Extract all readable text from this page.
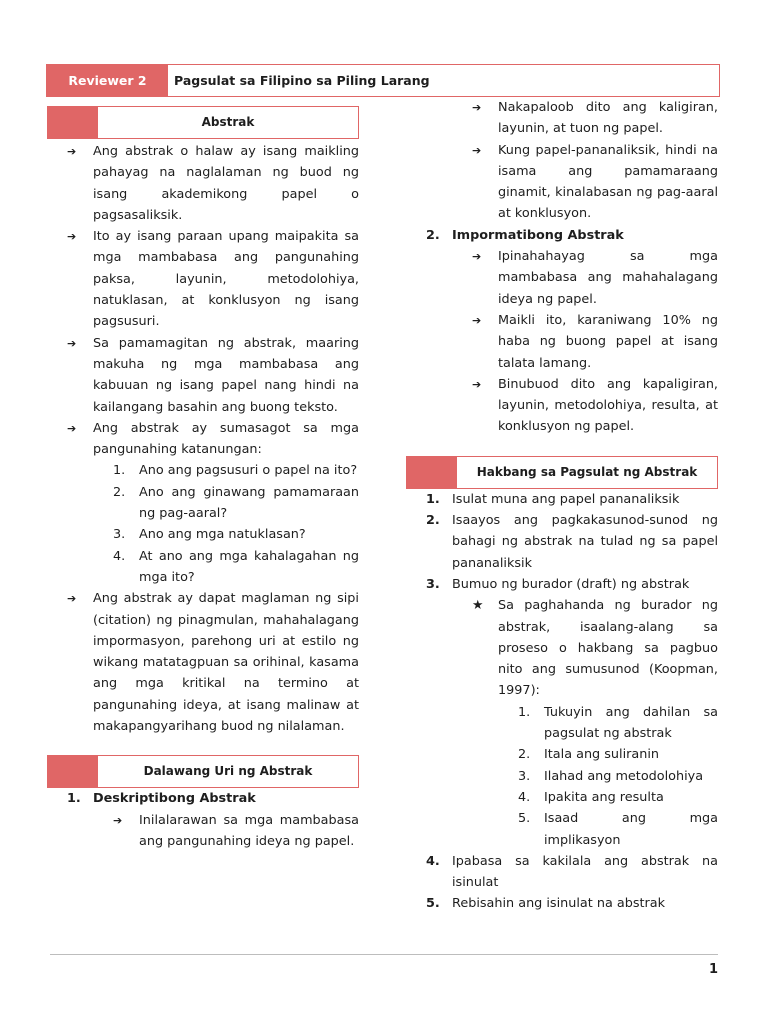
Reviewer 2	Pagsulat sa Filipino sa Piling Larang
Abstrak
➔	Ang abstrak o halaw ay isang maikling pahayag na naglalaman ng buod ng isang akademikong papel o pagsasaliksik.
➔	Ito ay isang paraan upang maipakita sa mga mambabasa ang pangunahing paksa, layunin, metodolohiya, natuklasan, at konklusyon ng isang pagsusuri.
➔	Sa pamamagitan ng abstrak, maaring makuha ng mga mambabasa ang kabuuan ng isang papel nang hindi na kailangang basahin ang buong teksto.
➔	Ang abstrak ay sumasagot sa mga pangunahing katanungan:
1.	Ano ang pagsusuri o papel na ito?
2.	Ano ang ginawang pamamaraan ng pag-aaral?
3.	Ano ang mga natuklasan?
4.	At ano ang mga kahalagahan ng mga ito?
➔	Ang abstrak ay dapat maglaman ng sipi (citation) ng pinagmulan, mahahalagang impormasyon, parehong uri at estilo ng wikang matatagpuan sa orihinal, kasama ang mga kritikal na termino at pangunahing ideya, at isang malinaw at makapangyarihang buod ng nilalaman.
Dalawang Uri ng Abstrak
1. Deskriptibong Abstrak
➔	Inilalarawan sa mga mambabasa ang pangunahing ideya ng papel.
➔	Nakapaloob dito ang kaligiran, layunin, at tuon ng papel.
➔	Kung papel-pananaliksik, hindi na isama ang pamamaraang ginamit, kinalabasan ng pag-aaral at konklusyon.
2. Impormatibong Abstrak
➔	Ipinahahayag sa mga mambabasa ang mahahalagang ideya ng papel.
➔	Maikli ito, karaniwang 10% ng haba ng buong papel at isang talata lamang.
➔	Binubuod dito ang kapaligiran, layunin, metodolohiya, resulta, at konklusyon ng papel.
Hakbang sa Pagsulat ng Abstrak
1. Isulat muna ang papel pananaliksik
2. Isaayos ang pagkakasunod-sunod ng bahagi ng abstrak na tulad ng sa papel pananaliksik
3. Bumuo ng burador (draft) ng abstrak
★	Sa paghahanda ng burador ng abstrak, isaalang-alang sa proseso o hakbang sa pagbuo nito ang sumusunod (Koopman, 1997):
1.	Tukuyin ang dahilan sa pagsulat ng abstrak
2.	Itala ang suliranin
3.	Ilahad ang metodolohiya
4.	Ipakita ang resulta
5.	Isaad ang mga implikasyon
4. Ipabasa sa kakilala ang abstrak na isinulat
5. Rebisahin ang isinulat na abstrak
1
